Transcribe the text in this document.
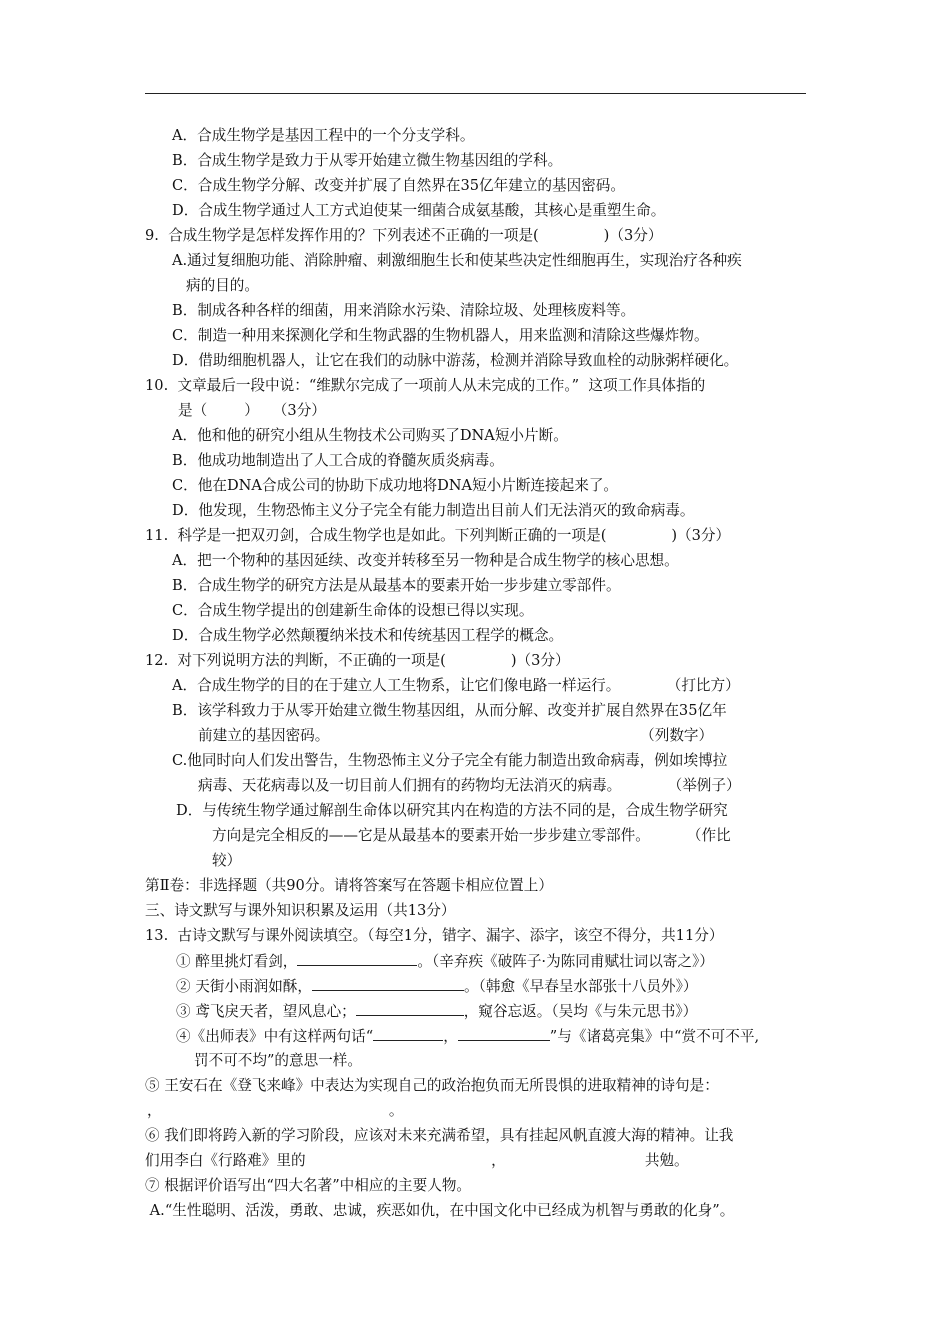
A．合成生物学是基因工程中的一个分支学科。
B．合成生物学是致力于从零开始建立微生物基因组的学科。
C．合成生物学分解、改变并扩展了自然界在35亿年建立的基因密码。
D．合成生物学通过人工方式迫使某一细菌合成氨基酸，其核心是重塑生命。
9.  合成生物学是怎样发挥作用的？下列表述不正确的一项是(              )（3分）
A.通过复细胞功能、消除肿瘤、刺激细胞生长和使某些决定性细胞再生，实现治疗各种疾
病的目的。
B．制成各种各样的细菌，用来消除水污染、清除垃圾、处理核废料等。
C．制造一种用来探测化学和生物武器的生物机器人，用来监测和清除这些爆炸物。
D．借助细胞机器人，让它在我们的动脉中游荡，检测并消除导致血栓的动脉粥样硬化。
10.  文章最后一段中说：“维默尔完成了一项前人从未完成的工作。”  这项工作具体指的
是（        ）   （3分）
A．他和他的研究小组从生物技术公司购买了DNA短小片断。
B．他成功地制造出了人工合成的脊髓灰质炎病毒。
C．他在DNA合成公司的协助下成功地将DNA短小片断连接起来了。
D．他发现，生物恐怖主义分子完全有能力制造出目前人们无法消灭的致命病毒。
11.  科学是一把双刃剑，合成生物学也是如此。下列判断正确的一项是(              )（3分）
A．把一个物种的基因延续、改变并转移至另一物种是合成生物学的核心思想。
B．合成生物学的研究方法是从最基本的要素开始一步步建立零部件。
C．合成生物学提出的创建新生命体的设想已得以实现。
D．合成生物学必然颠覆纳米技术和传统基因工程学的概念。
12.  对下列说明方法的判断，不正确的一项是(              )（3分）
A．合成生物学的目的在于建立人工生物系，让它们像电路一样运行。          （打比方）
B．该学科致力于从零开始建立微生物基因组，从而分解、改变并扩展自然界在35亿年
前建立的基因密码。                                                                   （列数字）
C.他同时向人们发出警告，生物恐怖主义分子完全有能力制造出致命病毒，例如埃博拉
病毒、天花病毒以及一切目前人们拥有的药物均无法消灭的病毒。          （举例子）
D．与传统生物学通过解剖生命体以研究其内在构造的方法不同的是，合成生物学研究
方向是完全相反的——它是从最基本的要素开始一步步建立零部件。        （作比
较）
第Ⅱ卷：非选择题（共90分。请将答案写在答题卡相应位置上）
三、诗文默写与课外知识积累及运用（共13分）
13.  古诗文默写与课外阅读填空。（每空1分，错字、漏字、添字，该空不得分，共11分）
① 醉里挑灯看剑，	。（辛弃疾《破阵子·为陈同甫赋壮词以寄之》）
② 天街小雨润如酥，	。（韩愈《早春呈水部张十八员外》）
③ 鸢飞戾天者，望风息心；	，窥谷忘返。（吴均《与朱元思书》）
④《出师表》中有这样两句话“	，	”与《诸葛亮集》中“赏不可不平,
罚不可不均”的意思一样。
⑤ 王安石在《登飞来峰》中表达为实现自己的政治抱负而无所畏惧的进取精神的诗句是：
，                                                 。
⑥ 我们即将跨入新的学习阶段，应该对未来充满希望，具有挂起风帆直渡大海的精神。让我
们用李白《行路难》里的                                        ，                              共勉。
⑦ 根据评价语写出“四大名著”中相应的主要人物。
A.“生性聪明、活泼，勇敢、忠诚，疾恶如仇，在中国文化中已经成为机智与勇敢的化身”。
